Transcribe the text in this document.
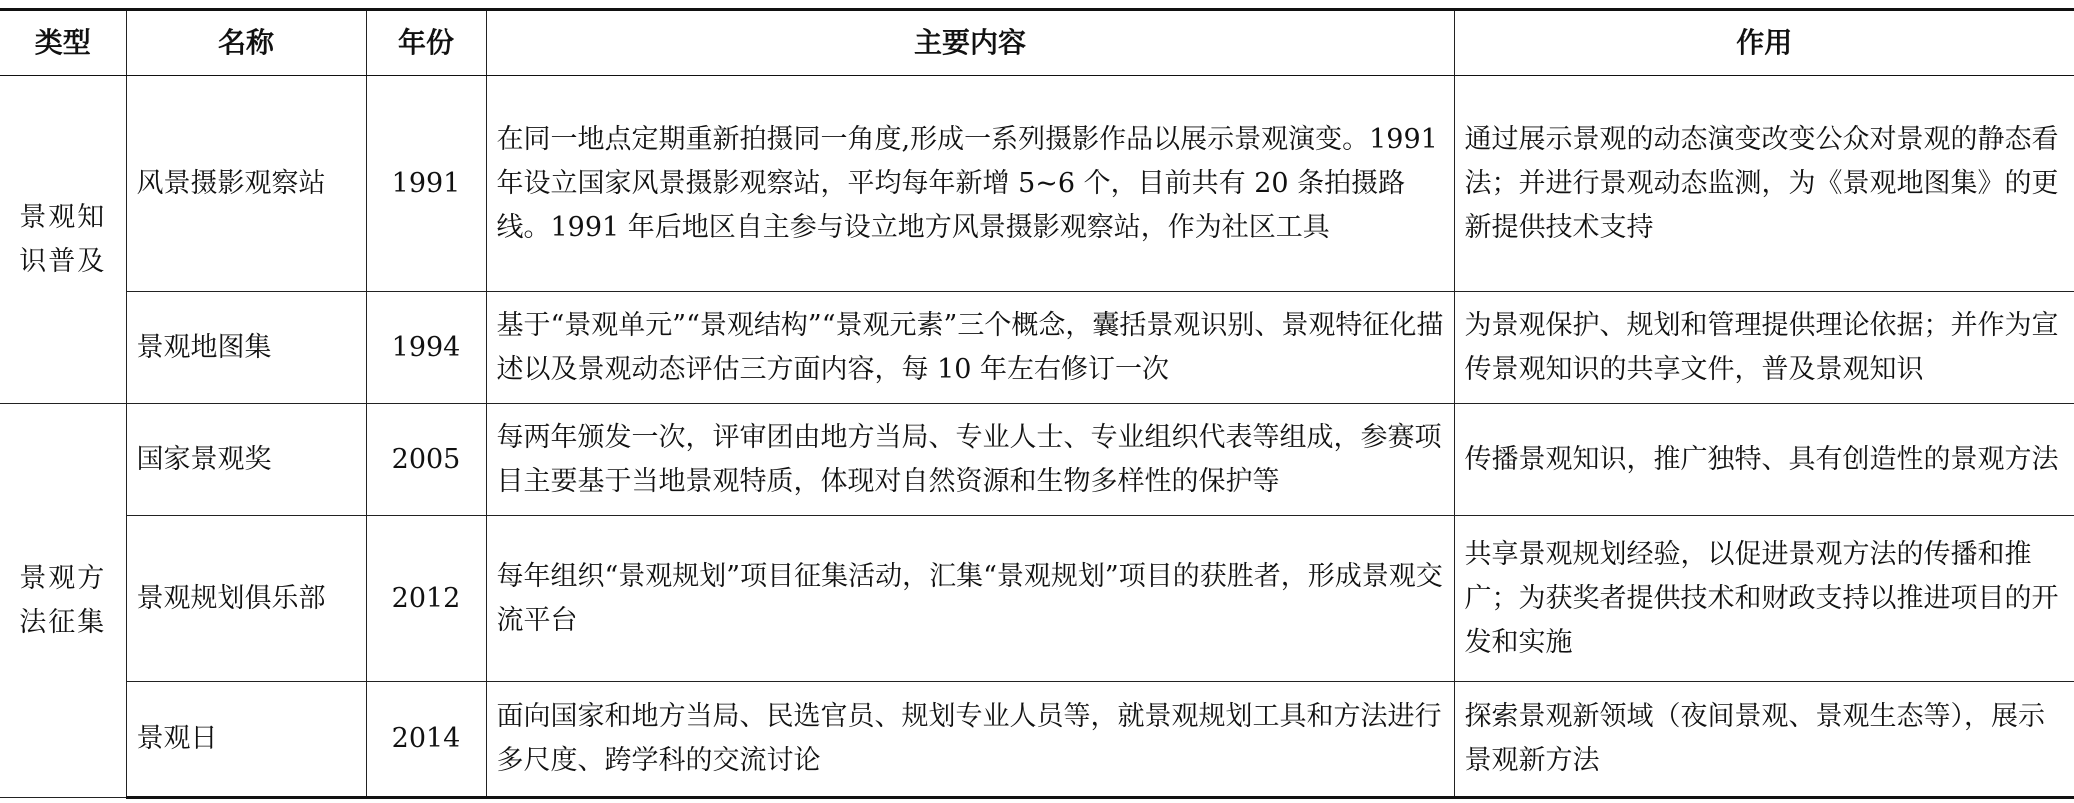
类型	名称	年份	主要内容	作用
景观知识普及	风景摄影观察站	1991	在同一地点定期重新拍摄同一角度,形成一系列摄影作品以展示景观演变。1991 年设立国家风景摄影观察站，平均每年新增 5~6 个，目前共有 20 条拍摄路线。1991 年后地区自主参与设立地方风景摄影观察站，作为社区工具	通过展示景观的动态演变改变公众对景观的静态看法；并进行景观动态监测，为《景观地图集》的更新提供技术支持
	景观地图集	1994	基于“景观单元”“景观结构”“景观元素”三个概念，囊括景观识别、景观特征化描述以及景观动态评估三方面内容，每 10 年左右修订一次	为景观保护、规划和管理提供理论依据；并作为宣传景观知识的共享文件，普及景观知识
景观方法征集	国家景观奖	2005	每两年颁发一次，评审团由地方当局、专业人士、专业组织代表等组成，参赛项目主要基于当地景观特质，体现对自然资源和生物多样性的保护等	传播景观知识，推广独特、具有创造性的景观方法
	景观规划俱乐部	2012	每年组织“景观规划”项目征集活动，汇集“景观规划”项目的获胜者，形成景观交流平台	共享景观规划经验，以促进景观方法的传播和推广；为获奖者提供技术和财政支持以推进项目的开发和实施
	景观日	2014	面向国家和地方当局、民选官员、规划专业人员等，就景观规划工具和方法进行多尺度、跨学科的交流讨论	探索景观新领域（夜间景观、景观生态等），展示景观新方法
